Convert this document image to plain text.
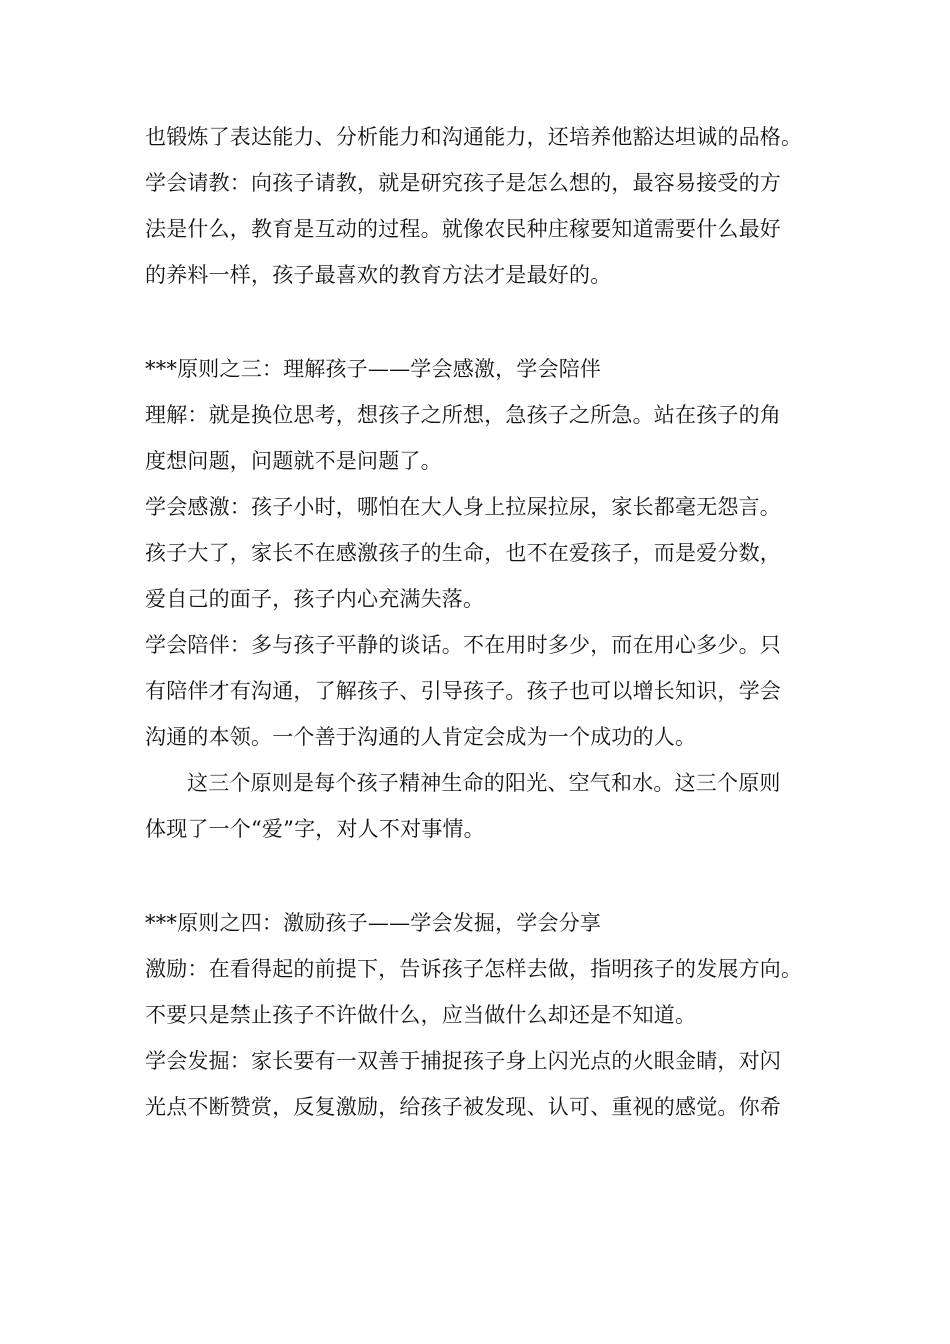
也锻炼了表达能力、分析能力和沟通能力，还培养他豁达坦诚的品格。
学会请教：向孩子请教，就是研究孩子是怎么想的，最容易接受的方
法是什么，教育是互动的过程。就像农民种庄稼要知道需要什么最好
的养料一样，孩子最喜欢的教育方法才是最好的。
***原则之三：理解孩子——学会感激，学会陪伴
理解：就是换位思考，想孩子之所想，急孩子之所急。站在孩子的角
度想问题，问题就不是问题了。
学会感激：孩子小时，哪怕在大人身上拉屎拉尿，家长都毫无怨言。
孩子大了，家长不在感激孩子的生命，也不在爱孩子，而是爱分数，
爱自己的面子，孩子内心充满失落。
学会陪伴：多与孩子平静的谈话。不在用时多少，而在用心多少。只
有陪伴才有沟通，了解孩子、引导孩子。孩子也可以增长知识，学会
沟通的本领。一个善于沟通的人肯定会成为一个成功的人。
这三个原则是每个孩子精神生命的阳光、空气和水。这三个原则
体现了一个“爱”字，对人不对事情。
***原则之四：激励孩子——学会发掘，学会分享
激励：在看得起的前提下，告诉孩子怎样去做，指明孩子的发展方向。
不要只是禁止孩子不许做什么，应当做什么却还是不知道。
学会发掘：家长要有一双善于捕捉孩子身上闪光点的火眼金睛，对闪
光点不断赞赏，反复激励，给孩子被发现、认可、重视的感觉。你希
